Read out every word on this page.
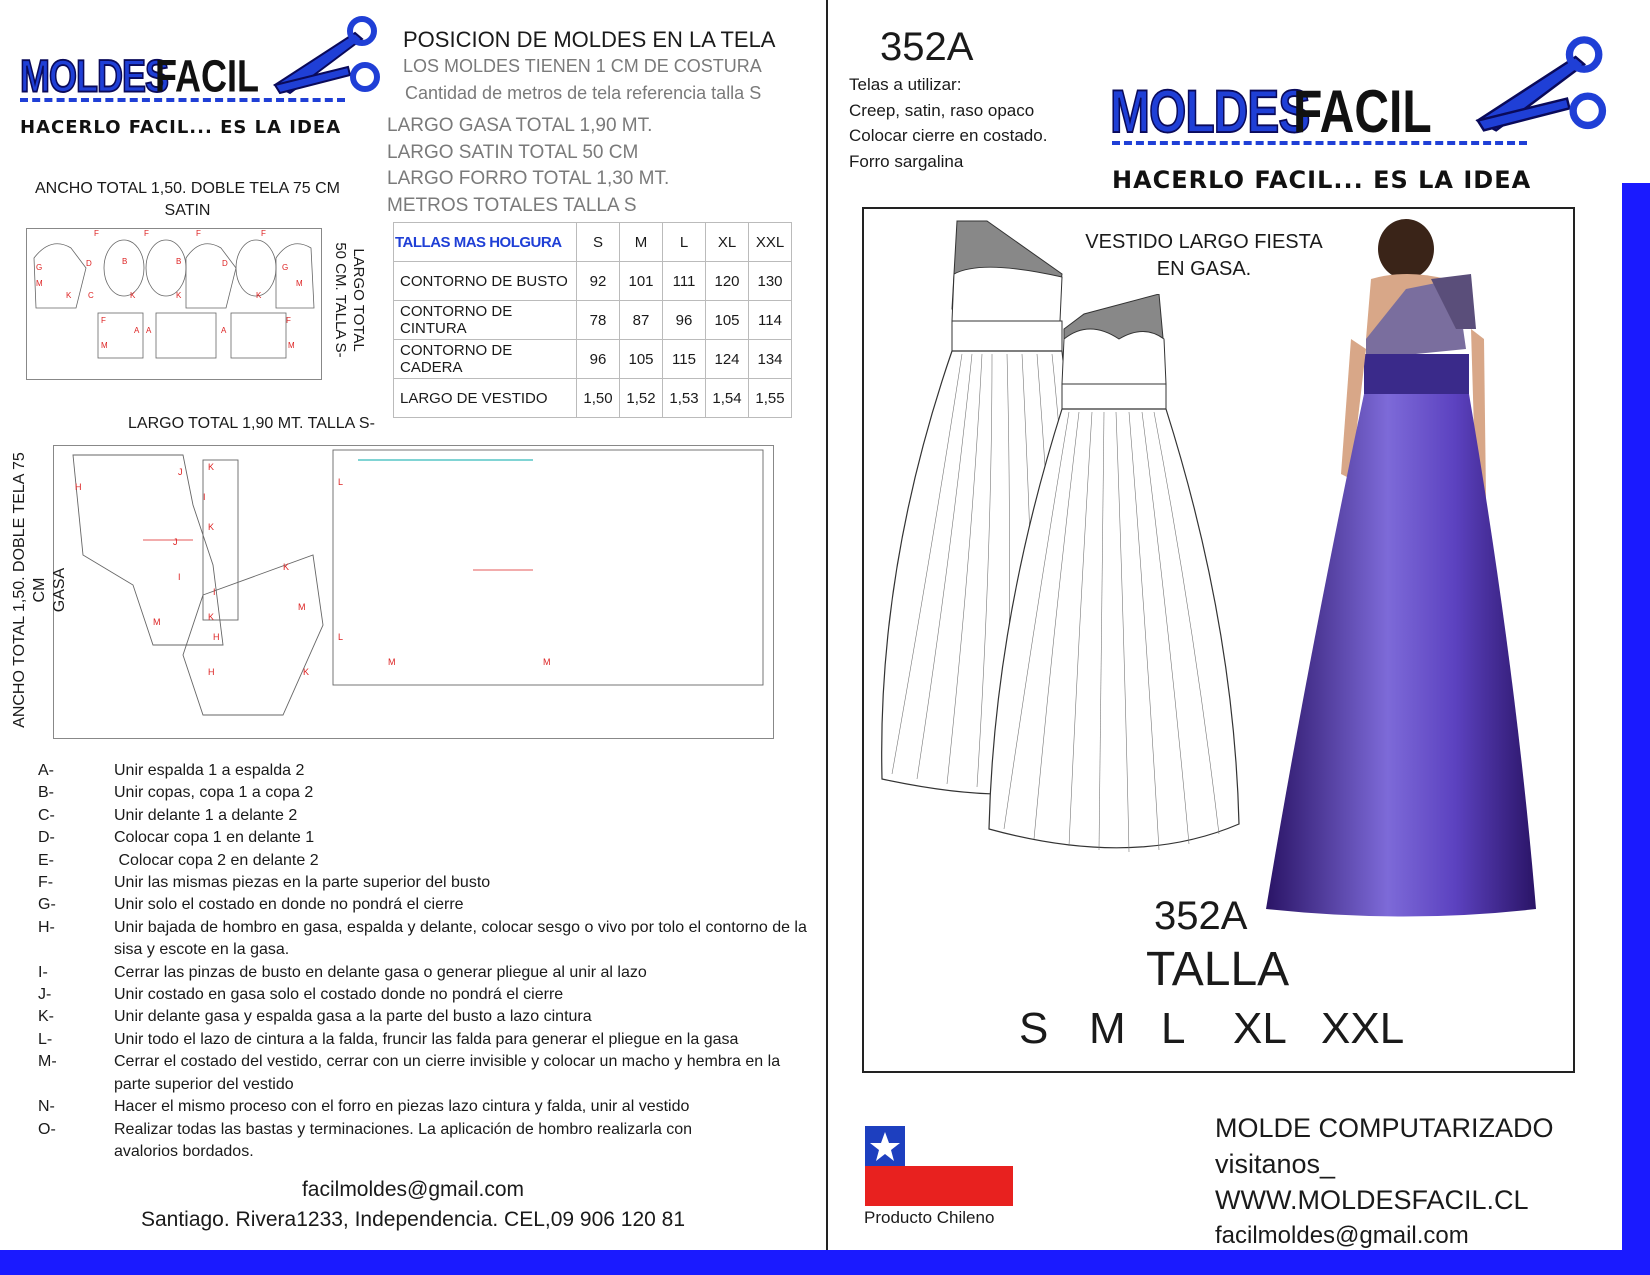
MOLDES
FACIL
HACERLO FACIL... ES LA IDEA
POSICION DE MOLDES EN LA TELA
LOS MOLDES TIENEN 1 CM DE COSTURA
Cantidad de metros de tela referencia talla S
LARGO GASA TOTAL 1,90 MT.
LARGO SATIN TOTAL 50 CM
LARGO FORRO TOTAL 1,30 MT.
METROS TOTALES TALLA S
TALLAS MAS HOLGURA	S	M	L	XL	XXL
CONTORNO DE BUSTO	92	101	111	120	130
CONTORNO DE CINTURA	78	87	96	105	114
CONTORNO DE CADERA	96	105	115	124	134
LARGO DE VESTIDO	1,50	1,52	1,53	1,54	1,55
ANCHO TOTAL 1,50. DOBLE TELA 75 CM
SATIN
F	F	F	F
G	D	B	B	D	G
M	M
K C	K	K	K
F
A A	A
F
M	M	LARGO TOTAL
50 CM. TALLA S-
LARGO TOTAL 1,90 MT. TALLA S-
H
J	K
I
K
J
I
I
K
M
H
K
M
K
H
L
L
M	M
ANCHO TOTAL 1,50. DOBLE TELA 75 CM GASA
A-	Unir espalda 1 a espalda 2
B-	Unir copas, copa 1 a copa 2
C-	Unir delante 1 a delante 2
D-	Colocar copa 1 en delante 1
E-	Colocar copa 2 en delante 2
F-	Unir las mismas piezas en la parte superior del busto
G-	Unir solo el costado en donde no pondrá el cierre
H-	Unir bajada de hombro en gasa, espalda y delante, colocar sesgo o vivo por tolo el contorno de la sisa y escote en la gasa.
I-	Cerrar las pinzas de busto en delante gasa o generar pliegue al unir al lazo
J-	Unir costado en gasa solo el costado donde no pondrá el cierre
K-	Unir delante gasa y espalda gasa a la parte del busto a lazo cintura
L-	Unir todo el lazo de cintura a la falda, fruncir las falda para generar el pliegue en la gasa
M-	Cerrar el costado del vestido, cerrar con un cierre invisible y colocar un macho y hembra en la parte superior del vestido
N-	Hacer el mismo proceso con el forro en piezas lazo cintura y falda, unir al vestido
O-	Realizar todas las bastas y terminaciones. La aplicación de hombro realizarla con avalorios bordados.
facilmoldes@gmail.com
Santiago. Rivera1233, Independencia. CEL,09 906 120 81
352A
Telas a utilizar:
Creep, satin, raso opaco
Colocar cierre en costado.
Forro sargalina
MOLDES
FACIL
HACERLO FACIL... ES LA IDEA
VESTIDO LARGO FIESTA
EN GASA.
352A
TALLA
S M L	XL XXL
Producto Chileno
MOLDE COMPUTARIZADO
visitanos_
WWW.MOLDESFACIL.CL
facilmoldes@gmail.com
